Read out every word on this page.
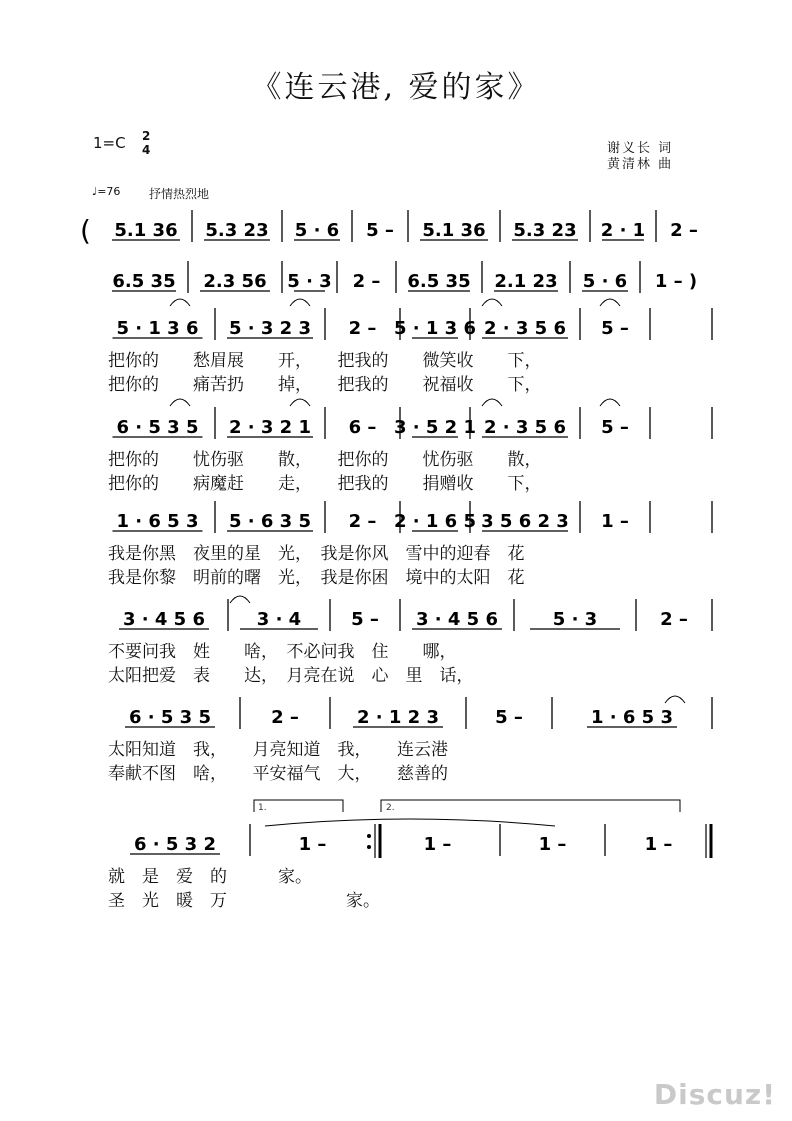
《连云港, 爱的家》
1=C 2
4
♩=76 抒情热烈地
谢义长 词
黄清林 曲
( 5.1 36 5.3 23 5 · 6 5 – 5.1 36 5.3 23 2 · 1 2 –
6.5 35 2.3 56 5 · 3 2 – 6.5 35 2.1 23 5 · 6 1 – )
5 · 1 3 6 5 · 3 2 3 2 – 5 · 1 3 6 2 · 3 5 6 5 –
把你的　　愁眉展　　开，　　把我的　　微笑收　　下，
把你的　　痛苦扔　　掉，　　把我的　　祝福收　　下，
6 · 5 3 5 2 · 3 2 1 6 – 3 · 5 2 1 2 · 3 5 6 5 –
把你的　　忧伤驱　　散，　　把你的　　忧伤驱　　散，
把你的　　病魔赶　　走，　　把我的　　捐赠收　　下，
1 · 6 5 3 5 · 6 3 5 2 – 2 · 1 6 5 3 5 6 2 3 1 –
我是你黑　夜里的星　光，　我是你风　雪中的迎春　花
我是你黎　明前的曙　光，　我是你困　境中的太阳　花
3 · 4 5 6	3 · 4	5 – 3 · 4 5 6	5 · 3	2 –
不要问我　姓　　啥，　不必问我　住　　哪，
太阳把爱　表　　达，　月亮在说　心　里　话，
6 · 5 3 5	2 –	2 · 1 2 3	5 –	1 · 6 5 3
太阳知道　我，　　月亮知道　我，　　连云港
奉献不图　啥，　　平安福气　大，　　慈善的
6 · 5 3 2	1 –	1 –	1 –	1 –
就　是　爱　的　　　家。
圣　光　暖　万　　　　　　　家。
1.	2.
Discuz!
